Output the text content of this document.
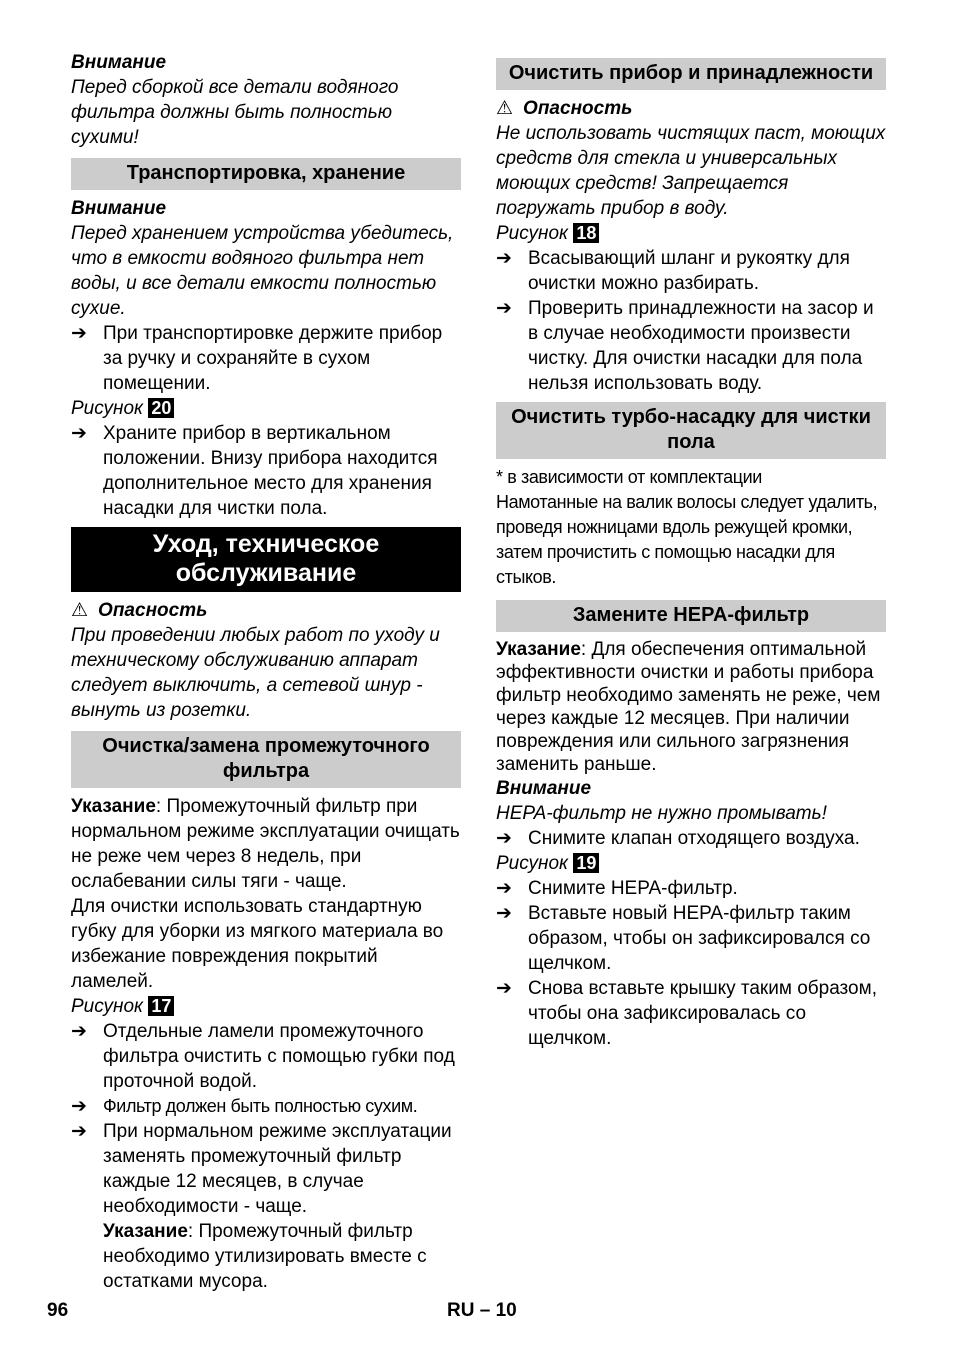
Внимание

Перед сборкой все детали водяного фильтра должны быть полностью сухими!

Транспортировка, хранение

Внимание

Перед хранением устройства убедитесь, что в емкости водяного фильтра нет воды, и все детали емкости полностью сухие.

➔ При транспортировке держите прибор за ручку и сохраняйте в сухом помещении.

Рисунок 20

➔ Храните прибор в вертикальном положении. Внизу прибора находится дополнительное место для хранения насадки для чистки пола.
Уход, техническое обслуживание

⚠ Опасность

При проведении любых работ по уходу и техническому обслуживанию аппарат следует выключить, а сетевой шнур - вынуть из розетки.

Очистка/замена промежуточного фильтра

Указание: Промежуточный фильтр при нормальном режиме эксплуатации очищать не реже чем через 8 недель, при ослабевании силы тяги - чаще.

Для очистки использовать стандартную губку для уборки из мягкого материала во избежание повреждения покрытий ламелей.

Рисунок 17

➔ Отдельные ламели промежуточного фильтра очистить с помощью губки под проточной водой.
➔ Фильтр должен быть полностью сухим.
➔ При нормальном режиме эксплуатации заменять промежуточный фильтр каждые 12 месяцев, в случае необходимости - чаще.

Указание: Промежуточный фильтр необходимо утилизировать вместе с остатками мусора.

Очистить прибор и принадлежности

⚠ Опасность

Не использовать чистящих паст, моющих средств для стекла и универсальных моющих средств! Запрещается погружать прибор в воду.

Рисунок 18

➔ Всасывающий шланг и рукоятку для очистки можно разбирать.
➔ Проверить принадлежности на засор и в случае необходимости произвести чистку. Для очистки насадки для пола нельзя использовать воду.
Очистить турбо-насадку для чистки пола

* в зависимости от комплектации

Намотанные на валик волосы следует удалить, проведя ножницами вдоль режущей кромки, затем прочистить с помощью насадки для стыков.

Замените HEPA-фильтр

Указание: Для обеспечения оптимальной эффективности очистки и работы прибора фильтр необходимо заменять не реже, чем через каждые 12 месяцев. При наличии повреждения или сильного загрязнения заменить раньше.

Внимание

HEPA-фильтр не нужно промывать!

➔ Снимите клапан отходящего воздуха.

Рисунок 19

➔ Снимите HEPA-фильтр.
➔ Вставьте новый HEPA-фильтр таким образом, чтобы он зафиксировался со щелчком.
➔ Снова вставьте крышку таким образом, чтобы она зафиксировалась со щелчком.
96	RU – 10
